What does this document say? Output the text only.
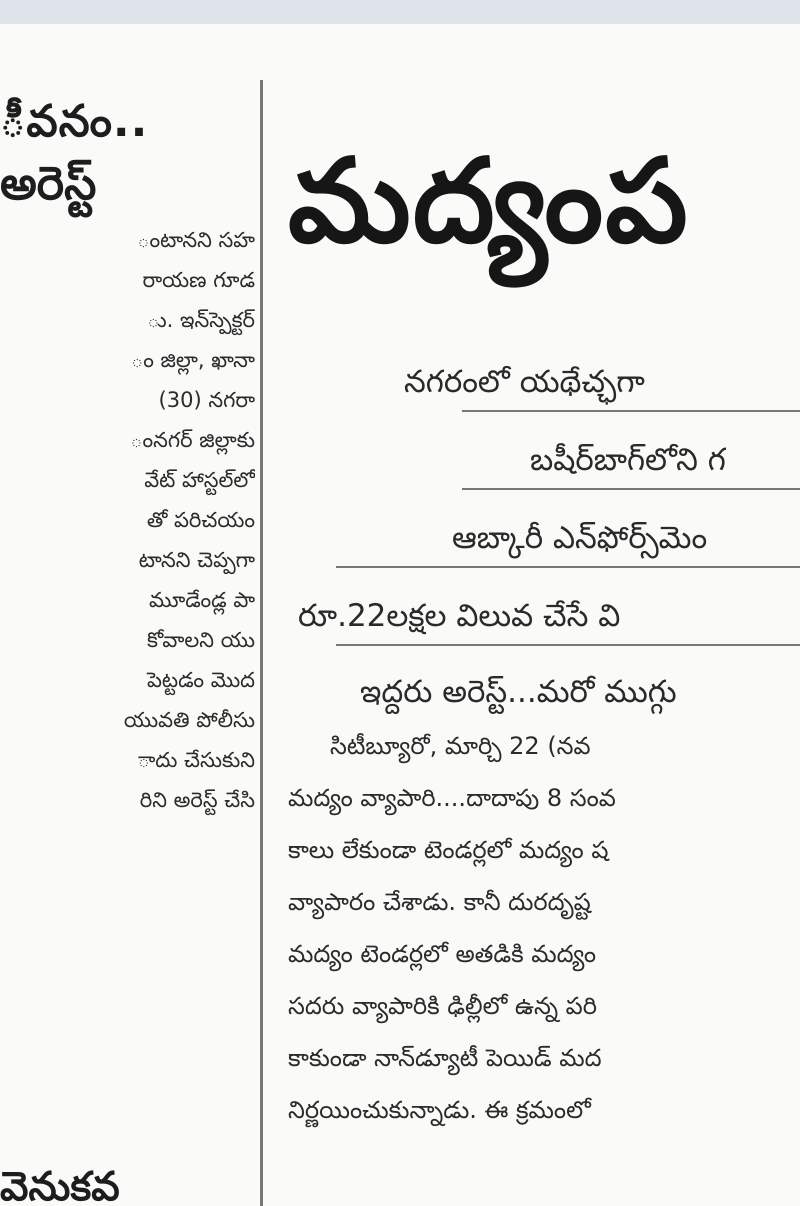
ీవనం..
అరెస్ట్
ంటానని సహ
రాయణ గూడ
ు. ఇన్‌స్పెక్టర్
ం జిల్లా, ఖానా
(30) నగరా
ంనగర్ జిల్లాకు
వేట్ హాస్టల్‌లో
తో పరిచయం
టానని చెప్పగా
మూడేండ్ల పా
కోవాలని యు
పెట్టడం మొద
యువతి పోలీసు
ాదు చేసుకుని
రిని అరెస్ట్ చేసి
వెనుకవ
మద్యంప
నగరంలో యథేచ్ఛగా
బషీర్‌బాగ్‌లోని గ
ఆబ్కారీ ఎన్‌ఫోర్స్‌మెం
రూ.22లక్షల విలువ చేసే వి
ఇద్దరు అరెస్ట్...మరో ముగ్గు
సిటీబ్యూరో, మార్చి 22 (నవ
మద్యం వ్యాపారి....దాదాపు 8 సంవ
కాలు లేకుండా టెండర్లలో మద్యం ష
వ్యాపారం చేశాడు. కానీ దురదృష్ట
మద్యం టెండర్లలో అతడికి మద్యం
సదరు వ్యాపారికి ఢిల్లీలో ఉన్న పరి
కాకుండా నాన్‌డ్యూటీ పెయిడ్ మద
నిర్ణయించుకున్నాడు. ఈ క్రమంలో
